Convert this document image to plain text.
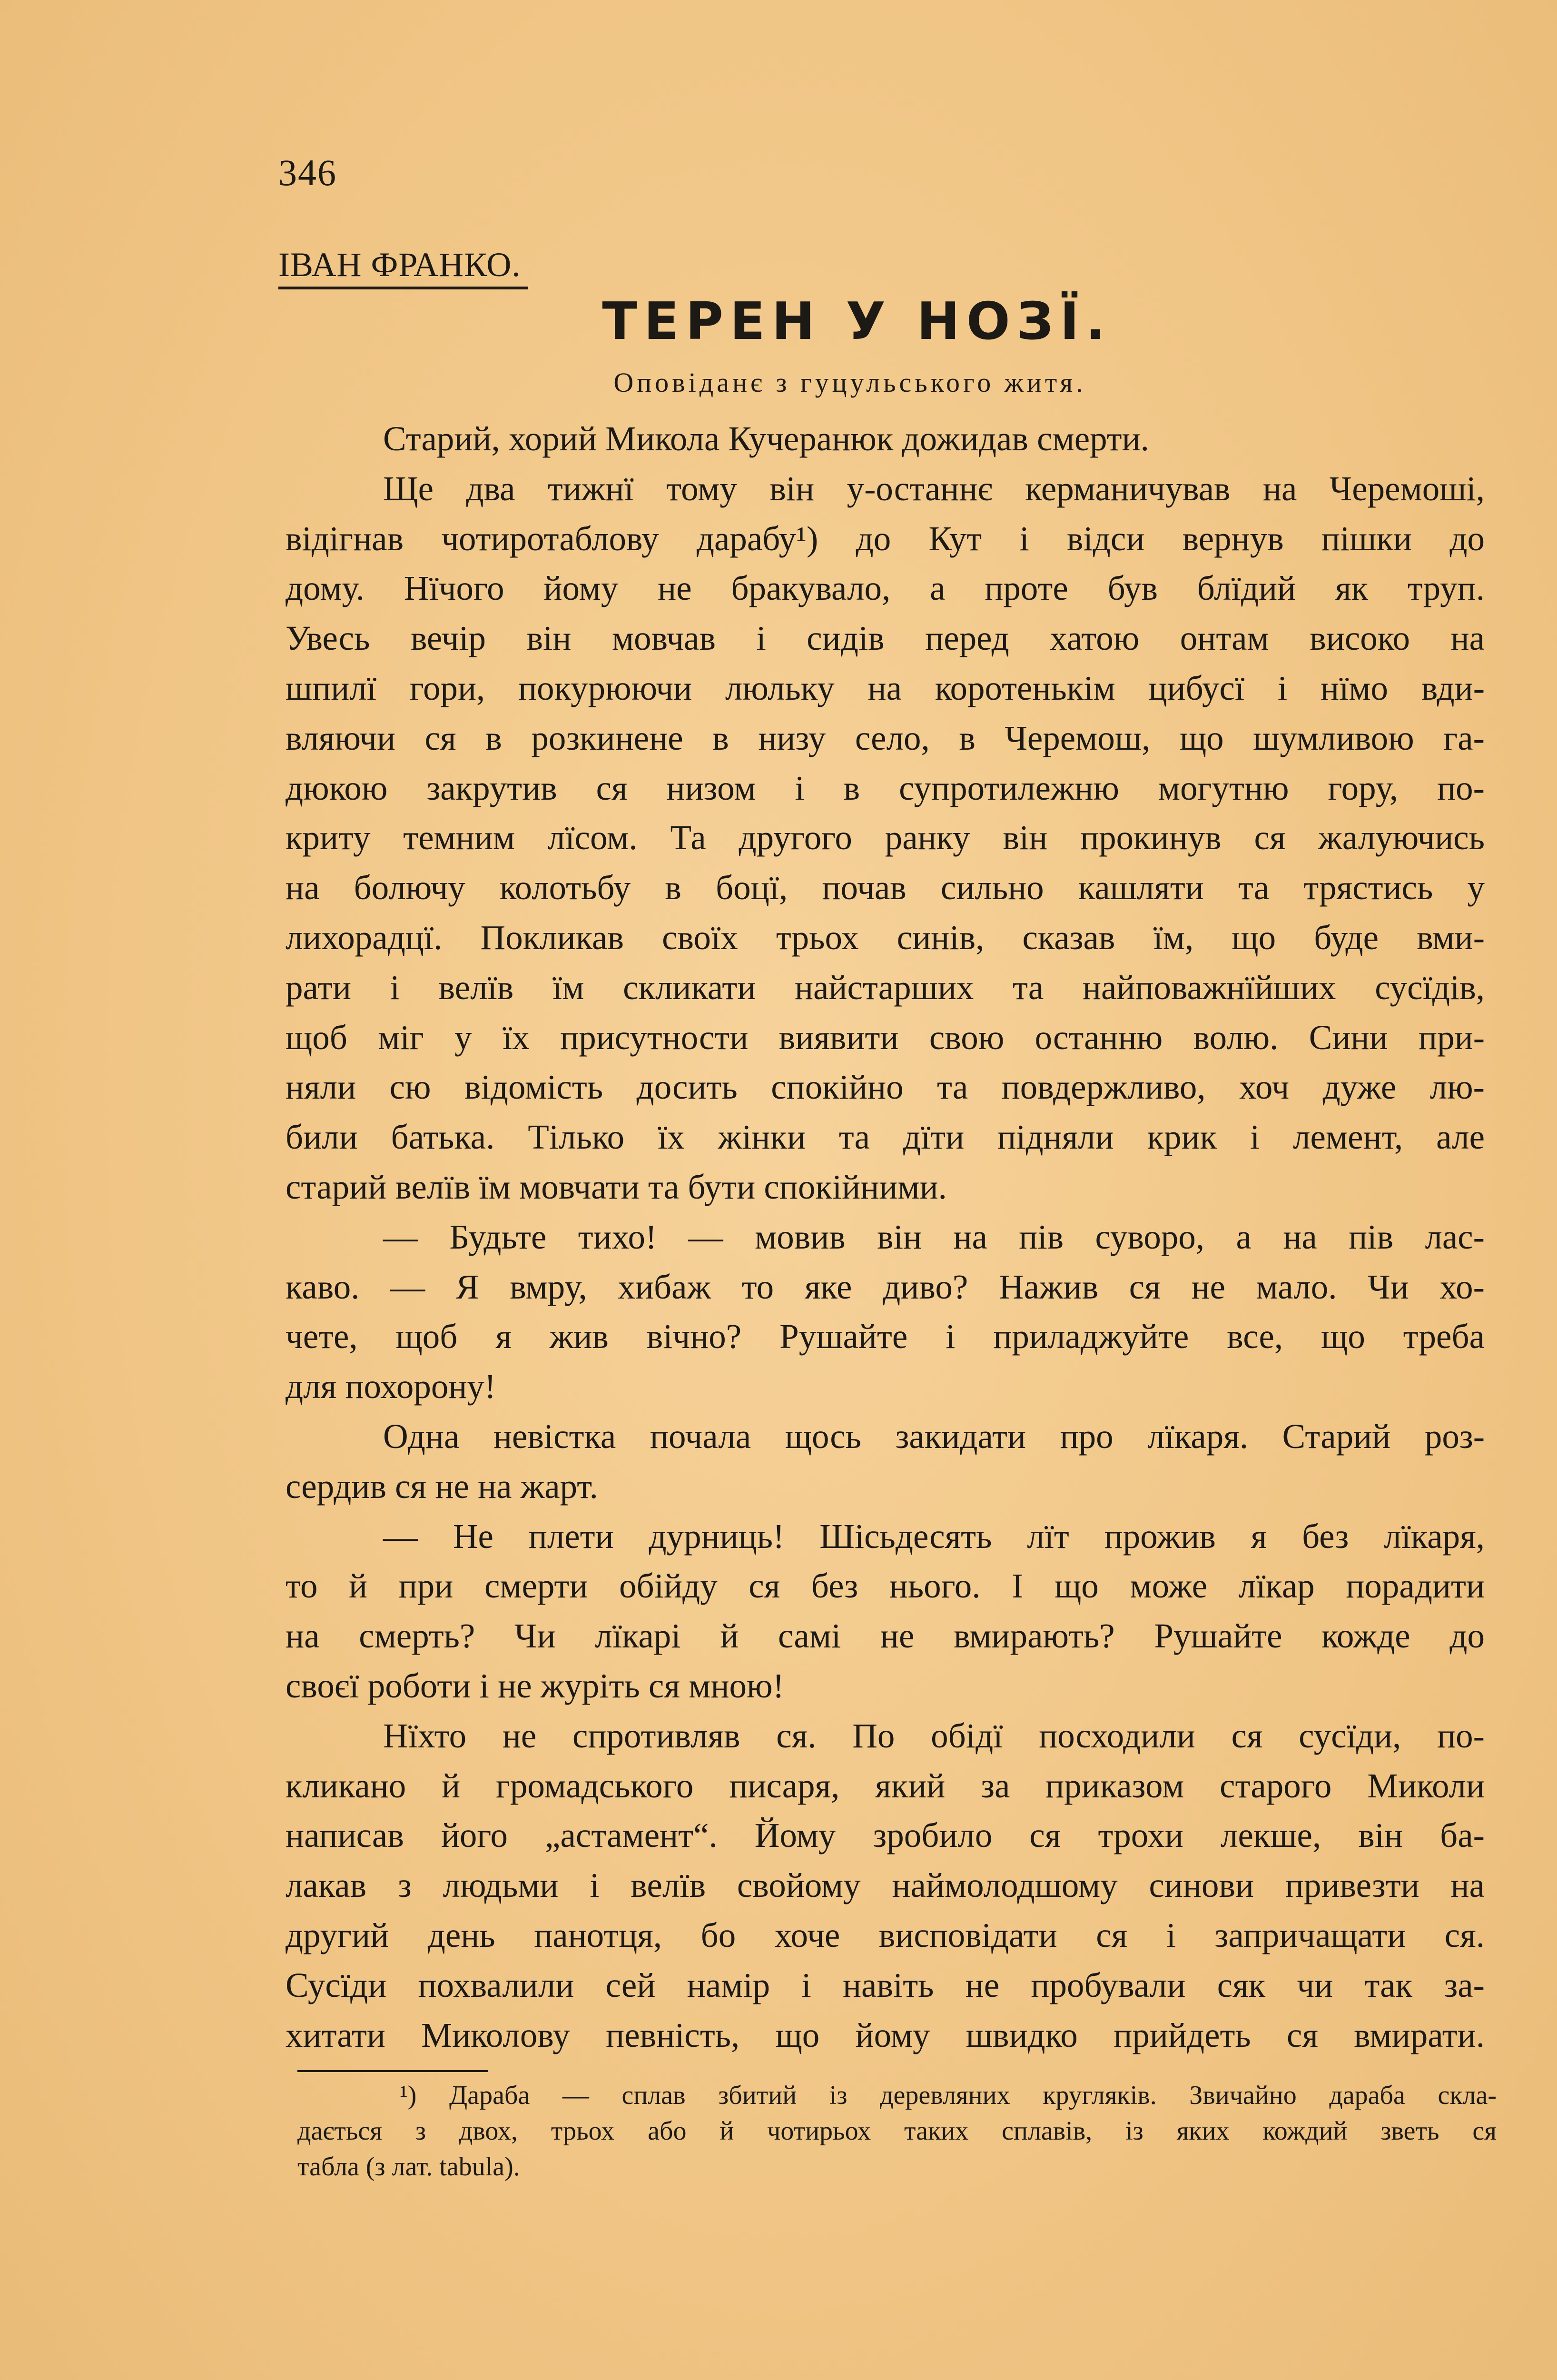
346
ІВАН ФРАНКО.
ТЕРЕН У НОЗЇ.
Оповіданє з гуцульського житя.
Старий, хорий Микола Кучеранюк дожидав смерти.
Ще два тижнї тому він у-останнє керманичував на Черемоші,
відігнав чотиротаблову дарабу¹) до Кут і відси вернув пішки до
дому. Нїчого йому не бракувало, а проте був блїдий як труп.
Увесь вечір він мовчав і сидів перед хатою онтам високо на
шпилї гори, покурюючи люльку на коротенькім цибусї і нїмо вди-
вляючи ся в розкинене в низу село, в Черемош, що шумливою га-
дюкою закрутив ся низом і в супротилежню могутню гору, по-
криту темним лїсом. Та другого ранку він прокинув ся жалуючись
на болючу колотьбу в боцї, почав сильно кашляти та трястись у
лихорадцї. Покликав своїх трьох синів, сказав їм, що буде вми-
рати і велїв їм скликати найстарших та найповажнїйших сусїдів,
щоб міг у їх присутности виявити свою останню волю. Сини при-
няли сю відомість досить спокійно та повдержливо, хоч дуже лю-
били батька. Тілько їх жінки та дїти підняли крик і лемент, але
старий велїв їм мовчати та бути спокійними.
— Будьте тихо! — мовив він на пів суворо, а на пів лас-
каво. — Я вмру, хибаж то яке диво? Нажив ся не мало. Чи хо-
чете, щоб я жив вічно? Рушайте і приладжуйте все, що треба
для похорону!
Одна невістка почала щось закидати про лїкаря. Старий роз-
сердив ся не на жарт.
— Не плети дурниць! Шісьдесять лїт прожив я без лїкаря,
то й при смерти обійду ся без нього. І що може лїкар порадити
на смерть? Чи лїкарі й самі не вмирають? Рушайте кожде до
своєї роботи і не журіть ся мною!
Нїхто не спротивляв ся. По обідї посходили ся сусїди, по-
кликано й громадського писаря, який за приказом старого Миколи
написав його „астамент“. Йому зробило ся трохи лекше, він ба-
лакав з людьми і велїв свойому наймолодшому синови привезти на
другий день панотця, бо хоче висповідати ся і запричащати ся.
Сусїди похвалили сей намір і навіть не пробували сяк чи так за-
хитати Миколову певність, що йому швидко прийдеть ся вмирати.
¹) Дараба — сплав збитий із деревляних кругляків. Звичайно дараба скла-
дається з двох, трьох або й чотирьох таких сплавів, із яких кождий зветь ся
табла (з лат. tabula).
